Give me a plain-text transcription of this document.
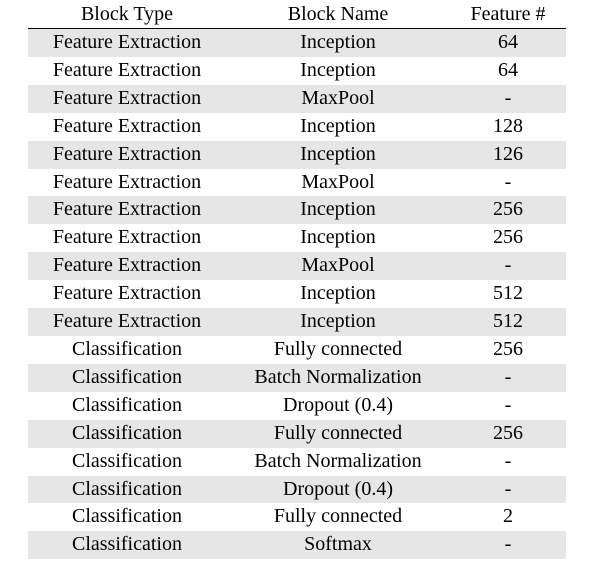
Block Type	Block Name	Feature #
Feature Extraction	Inception	64
Feature Extraction	Inception	64
Feature Extraction	MaxPool	-
Feature Extraction	Inception	128
Feature Extraction	Inception	126
Feature Extraction	MaxPool	-
Feature Extraction	Inception	256
Feature Extraction	Inception	256
Feature Extraction	MaxPool	-
Feature Extraction	Inception	512
Feature Extraction	Inception	512
Classification	Fully connected	256
Classification	Batch Normalization	-
Classification	Dropout (0.4)	-
Classification	Fully connected	256
Classification	Batch Normalization	-
Classification	Dropout (0.4)	-
Classification	Fully connected	2
Classification	Softmax	-
